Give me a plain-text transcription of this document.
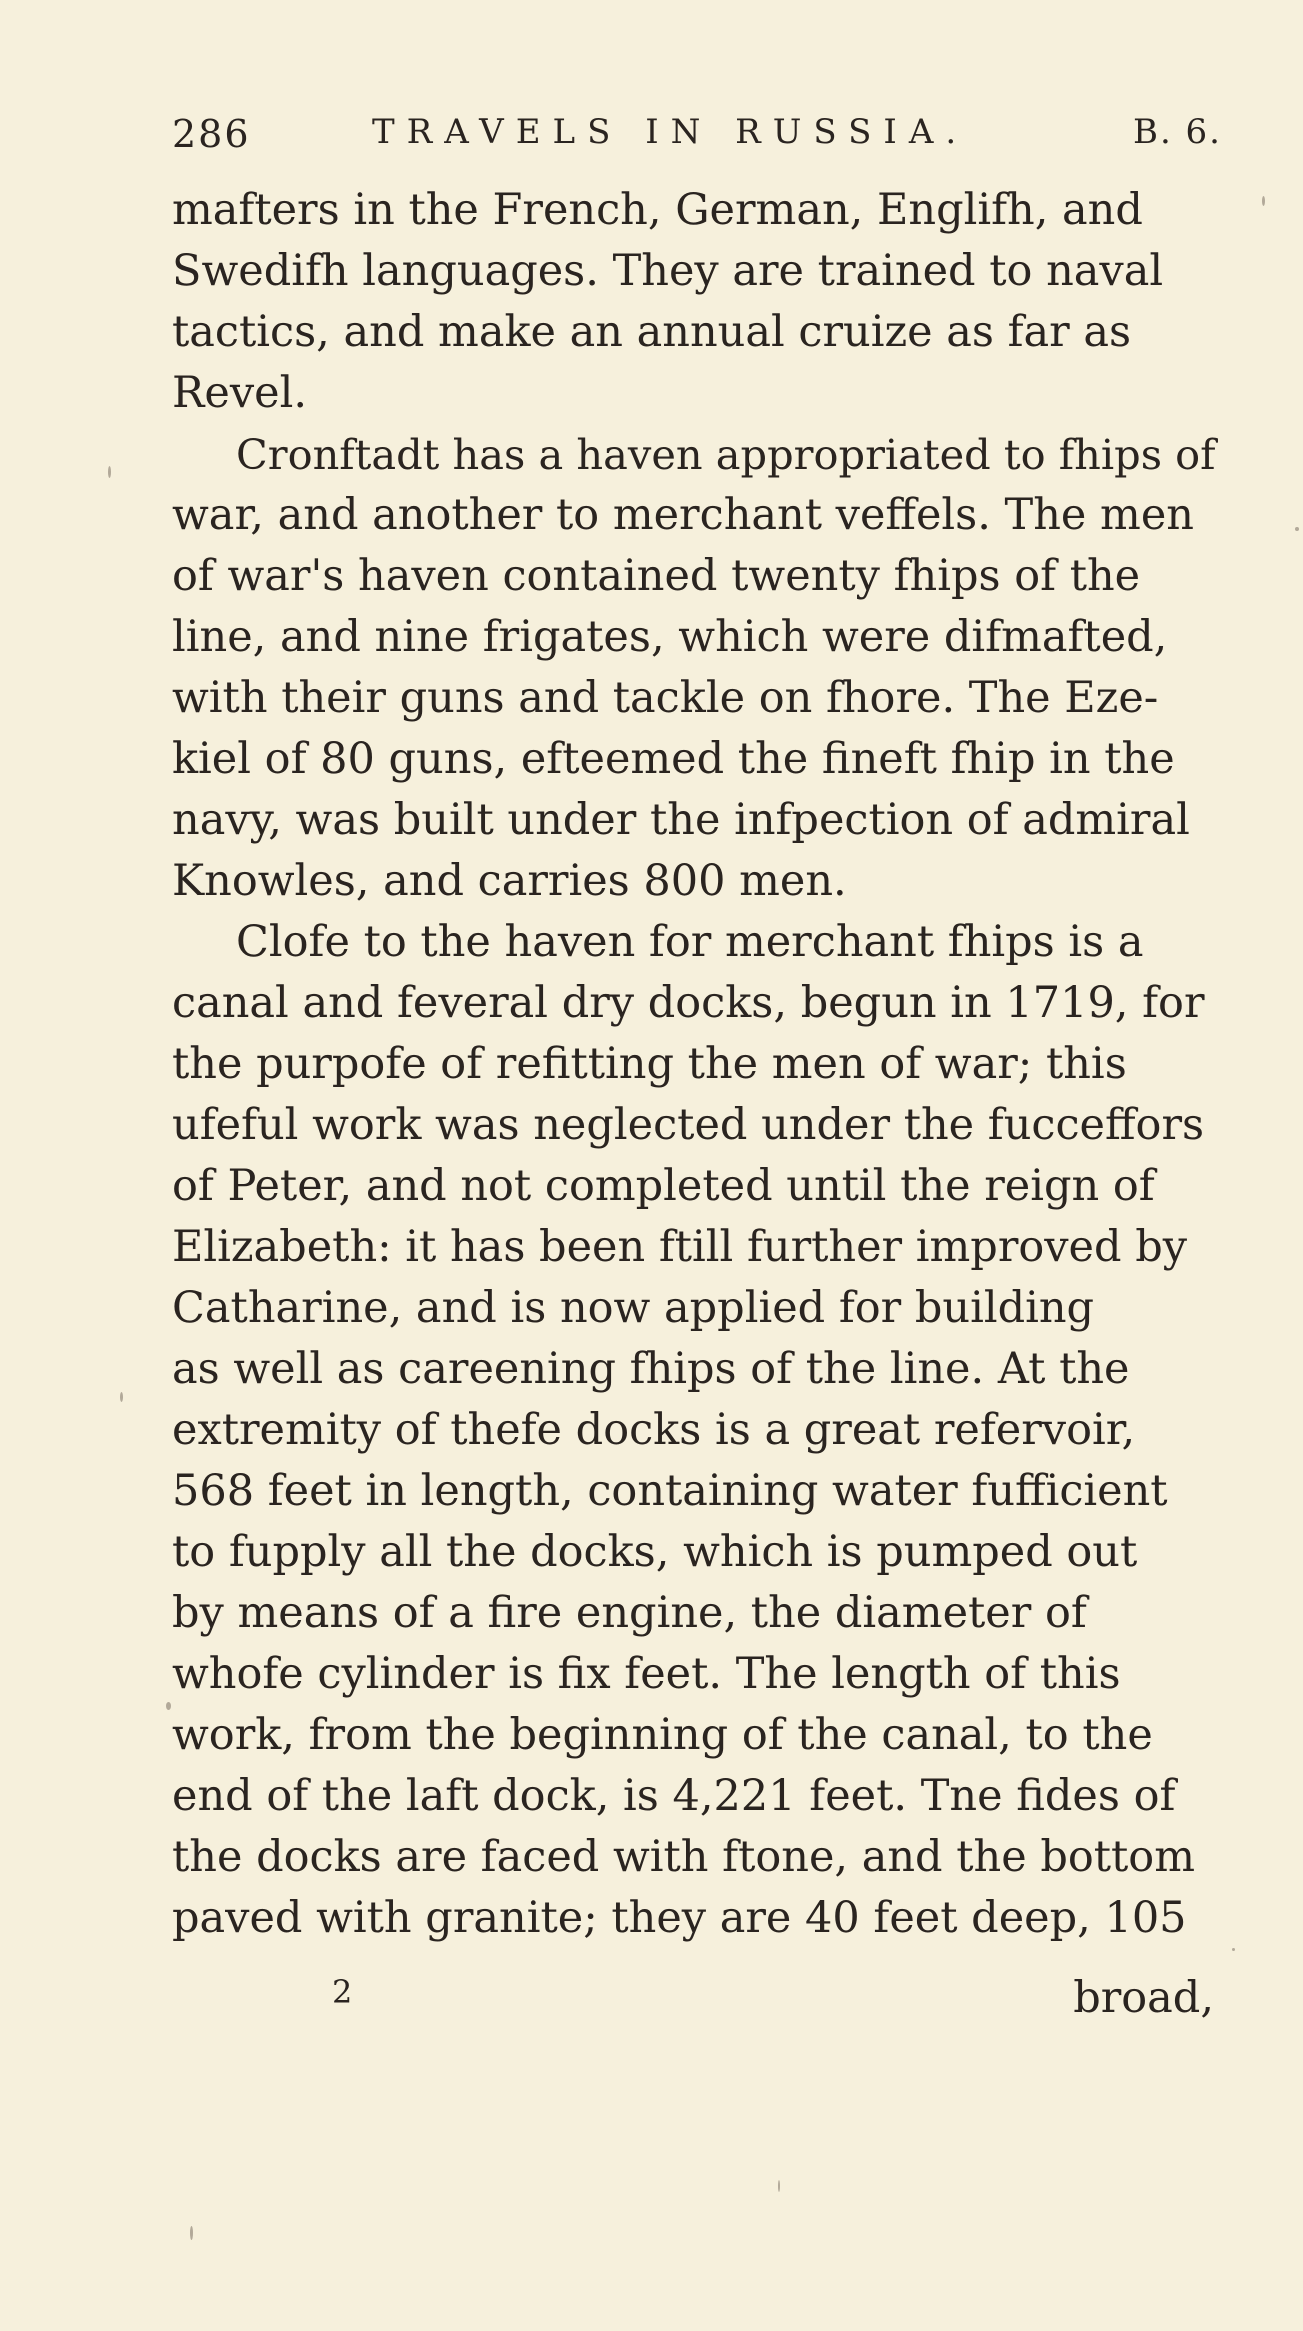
286	TRAVELS IN RUSSIA.	B. 6.
mafters in the French, German, Englifh, and
Swedifh languages. They are trained to naval
tactics, and make an annual cruize as far as
Revel.
Cronftadt has a haven appropriated to fhips of
war, and another to merchant veffels. The men
of war's haven contained twenty fhips of the
line, and nine frigates, which were difmafted,
with their guns and tackle on fhore. The Eze-
kiel of 80 guns, efteemed the fineft fhip in the
navy, was built under the infpection of admiral
Knowles, and carries 800 men.
Clofe to the haven for merchant fhips is a
canal and feveral dry docks, begun in 1719, for
the purpofe of refitting the men of war; this
ufeful work was neglected under the fucceffors
of Peter, and not completed until the reign of
Elizabeth: it has been ftill further improved by
Catharine, and is now applied for building
as well as careening fhips of the line. At the
extremity of thefe docks is a great refervoir,
568 feet in length, containing water fufficient
to fupply all the docks, which is pumped out
by means of a fire engine, the diameter of
whofe cylinder is fix feet. The length of this
work, from the beginning of the canal, to the
end of the laft dock, is 4,221 feet. Tne fides of
the docks are faced with ftone, and the bottom
paved with granite; they are 40 feet deep, 105
2	broad,
